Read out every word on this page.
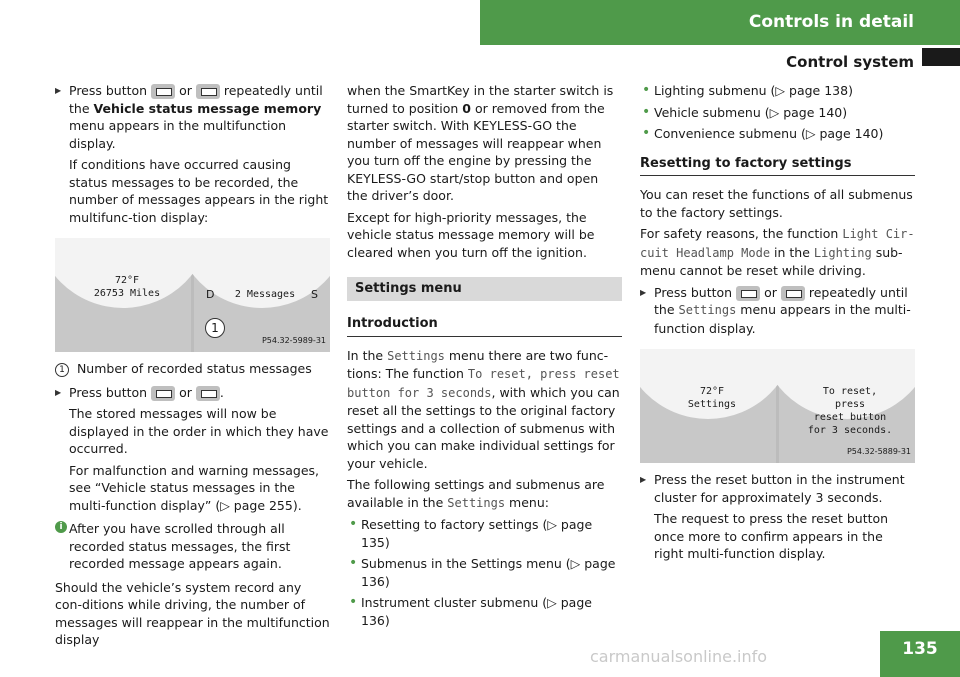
Controls in detail
Control system

▶ Press button	or	repeatedly until the Vehicle status message memory menu appears in the multifunction display.

If conditions have occurred causing status messages to be recorded, the number of messages appears in the right multifunc-tion display:

72°F
26753 Miles	2 Messages
D	S
1
P54.32-5989-31

1 Number of recorded status messages

▶ Press button	or .

The stored messages will now be displayed in the order in which they have occurred.

For malfunction and warning messages, see “Vehicle status messages in the multi-function display” (▷ page 255).

i After you have scrolled through all recorded status messages, the first recorded message appears again.

Should the vehicle’s system record any con-ditions while driving, the number of messages will reappear in the multifunction display

when the SmartKey in the starter switch is turned to position 0 or removed from the starter switch. With KEYLESS-GO the number of messages will reappear when you turn off the engine by pressing the KEYLESS-GO start/stop button and open the driver’s door.

Except for high-priority messages, the vehicle status message memory will be cleared when you turn off the ignition.

Settings menu
Introduction

In the Settings menu there are two func-tions: The function To reset, press reset button for 3 seconds, with which you can reset all the settings to the original factory settings and a collection of submenus with which you can make individual settings for your vehicle.

The following settings and submenus are available in the Settings menu:

• Resetting to factory settings (▷ page 135)
• Submenus in the Settings menu (▷ page 136)
• Instrument cluster submenu (▷ page 136)
• Lighting submenu (▷ page 138)
• Vehicle submenu (▷ page 140)
• Convenience submenu (▷ page 140)
Resetting to factory settings

You can reset the functions of all submenus to the factory settings.

For safety reasons, the function Light Cir-cuit Headlamp Mode in the Lighting sub-menu cannot be reset while driving.

▶ Press button	or	repeatedly until the Settings menu appears in the multi-function display.

72°F
Settings
To reset, press
reset button
for 3 seconds.
P54.32-5889-31

▶ Press the reset button in the instrument cluster for approximately 3 seconds.

The request to press the reset button once more to confirm appears in the right multi-function display.

135
carmanualsonline.info
